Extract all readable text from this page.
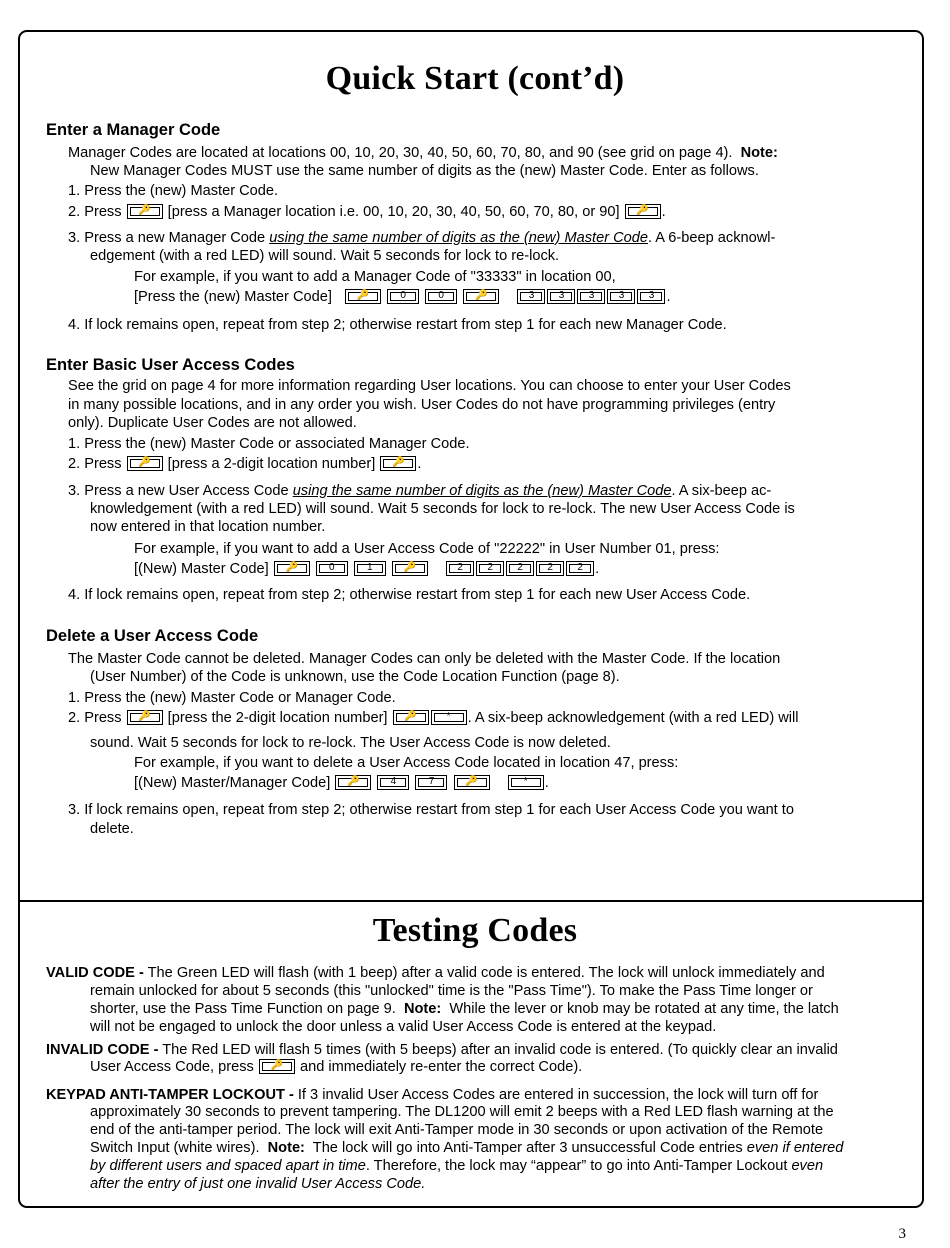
Quick Start (cont’d)
Enter a Manager Code
Manager Codes are located at locations 00, 10, 20, 30, 40, 50, 60, 70, 80, and 90 (see grid on page 4). Note:
New Manager Codes MUST use the same number of digits as the (new) Master Code. Enter as follows.
1. Press the (new) Master Code.
2. Press	🔑	[press a Manager location i.e. 00, 10, 20, 30, 40, 50, 60, 70, 80, or 90]	🔑 .
3. Press a new Manager Code using the same number of digits as the (new) Master Code. A 6-beep acknowl-
edgement (with a red LED) will sound. Wait 5 seconds for lock to re-lock.
For example, if you want to add a Manager Code of "33333" in location 00,
[Press the (new) Master Code]	🔑
	0
	0
	🔑
	3	3	3	3	3 .
4. If lock remains open, repeat from step 2; otherwise restart from step 1 for each new Manager Code.
Enter Basic User Access Codes
See the grid on page 4 for more information regarding User locations. You can choose to enter your User Codes
in many possible locations, and in any order you wish. User Codes do not have programming privileges (entry
only). Duplicate User Codes are not allowed.
1. Press the (new) Master Code or associated Manager Code.
2. Press	🔑	[press a 2-digit location number]	🔑 .
3. Press a new User Access Code using the same number of digits as the (new) Master Code. A six-beep ac-
knowledgement (with a red LED) will sound. Wait 5 seconds for lock to re-lock. The new User Access Code is
now entered in that location number.
For example, if you want to add a User Access Code of "22222" in User Number 01, press:
[(New) Master Code]	🔑
	0
	1
	🔑
	2	2	2	2	2 .
4. If lock remains open, repeat from step 2; otherwise restart from step 1 for each new User Access Code.
Delete a User Access Code
The Master Code cannot be deleted. Manager Codes can only be deleted with the Master Code. If the location
(User Number) of the Code is unknown, use the Code Location Function (page 8).
1. Press the (new) Master Code or Manager Code.
2. Press	🔑	[press the 2-digit location number]	🔑	*	. A six-beep acknowledgement (with a red LED) will
sound. Wait 5 seconds for lock to re-lock. The User Access Code is now deleted.
For example, if you want to delete a User Access Code located in location 47, press:
[(New) Master/Manager Code]	🔑
	4
	7
	🔑
	*	.
3. If lock remains open, repeat from step 2; otherwise restart from step 1 for each User Access Code you want to
delete.
Testing Codes
VALID CODE - The Green LED will flash (with 1 beep) after a valid code is entered. The lock will unlock immediately and
remain unlocked for about 5 seconds (this "unlocked" time is the "Pass Time"). To make the Pass Time longer or
shorter, use the Pass Time Function on page 9. Note: While the lever or knob may be rotated at any time, the latch
will not be engaged to unlock the door unless a valid User Access Code is entered at the keypad.
INVALID CODE - The Red LED will flash 5 times (with 5 beeps) after an invalid code is entered. (To quickly clear an invalid
User Access Code, press	🔑	and immediately re-enter the correct Code).
KEYPAD ANTI-TAMPER LOCKOUT - If 3 invalid User Access Codes are entered in succession, the lock will turn off for
approximately 30 seconds to prevent tampering. The DL1200 will emit 2 beeps with a Red LED flash warning at the
end of the anti-tamper period. The lock will exit Anti-Tamper mode in 30 seconds or upon activation of the Remote
Switch Input (white wires). Note: The lock will go into Anti-Tamper after 3 unsuccessful Code entries even if entered
by different users and spaced apart in time. Therefore, the lock may “appear” to go into Anti-Tamper Lockout even
after the entry of just one invalid User Access Code.
3
